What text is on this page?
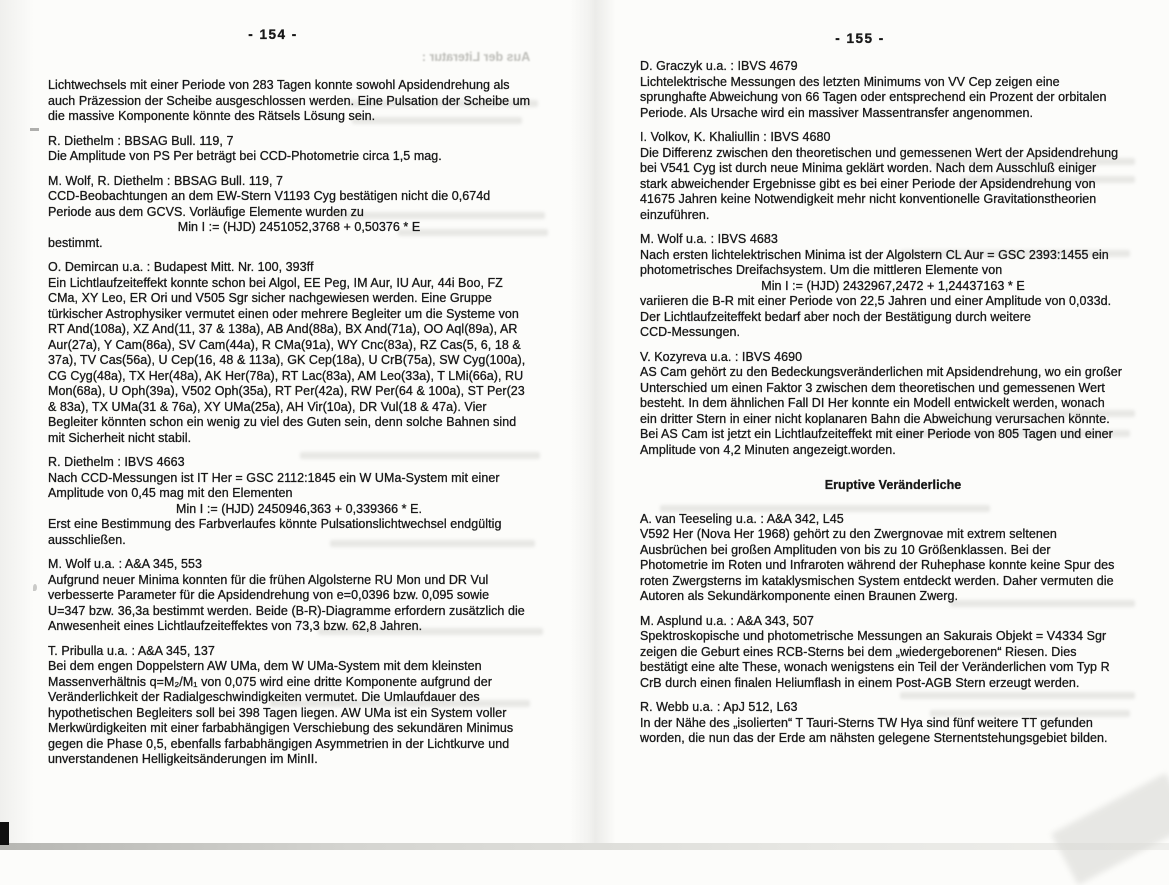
Aus der Literatur :
- 154 -
Lichtwechsels mit einer Periode von 283 Tagen konnte sowohl Apsidendrehung als
auch Präzession der Scheibe ausgeschlossen werden. Eine Pulsation der Scheibe um
die massive Komponente könnte des Rätsels Lösung sein.
R. Diethelm : BBSAG Bull. 119, 7
Die Amplitude von PS Per beträgt bei CCD-Photometrie circa 1,5 mag.
M. Wolf, R. Diethelm : BBSAG Bull. 119, 7
CCD-Beobachtungen an dem EW-Stern V1193 Cyg bestätigen nicht die 0,674d
Periode aus dem GCVS. Vorläufige Elemente wurden zu
Min I := (HJD) 2451052,3768 + 0,50376 * E
bestimmt.
O. Demircan u.a. : Budapest Mitt. Nr. 100, 393ff
Ein Lichtlaufzeiteffekt konnte schon bei Algol, EE Peg, IM Aur, IU Aur, 44i Boo, FZ
CMa, XY Leo, ER Ori und V505 Sgr sicher nachgewiesen werden. Eine Gruppe
türkischer Astrophysiker vermutet einen oder mehrere Begleiter um die Systeme von
RT And(108a), XZ And(11, 37 & 138a), AB And(88a), BX And(71a), OO Aql(89a), AR
Aur(27a), Y Cam(86a), SV Cam(44a), R CMa(91a), WY Cnc(83a), RZ Cas(5, 6, 18 &
37a), TV Cas(56a), U Cep(16, 48 & 113a), GK Cep(18a), U CrB(75a), SW Cyg(100a),
CG Cyg(48a), TX Her(48a), AK Her(78a), RT Lac(83a), AM Leo(33a), T LMi(66a), RU
Mon(68a), U Oph(39a), V502 Oph(35a), RT Per(42a), RW Per(64 & 100a), ST Per(23
& 83a), TX UMa(31 & 76a), XY UMa(25a), AH Vir(10a), DR Vul(18 & 47a). Vier
Begleiter könnten schon ein wenig zu viel des Guten sein, denn solche Bahnen sind
mit Sicherheit nicht stabil.
R. Diethelm : IBVS 4663
Nach CCD-Messungen ist IT Her = GSC 2112:1845 ein W UMa-System mit einer
Amplitude von 0,45 mag mit den Elementen
Min I := (HJD) 2450946,363 + 0,339366 * E.
Erst eine Bestimmung des Farbverlaufes könnte Pulsationslichtwechsel endgültig
ausschließen.
M. Wolf u.a. : A&A 345, 553
Aufgrund neuer Minima konnten für die frühen Algolsterne RU Mon und DR Vul
verbesserte Parameter für die Apsidendrehung von e=0,0396 bzw. 0,095 sowie
U=347 bzw. 36,3a bestimmt werden. Beide (B-R)-Diagramme erfordern zusätzlich die
Anwesenheit eines Lichtlaufzeiteffektes von 73,3 bzw. 62,8 Jahren.
T. Pribulla u.a. : A&A 345, 137
Bei dem engen Doppelstern AW UMa, dem W UMa-System mit dem kleinsten
Massenverhältnis q=M₂/M₁ von 0,075 wird eine dritte Komponente aufgrund der
Veränderlichkeit der Radialgeschwindigkeiten vermutet. Die Umlaufdauer des
hypothetischen Begleiters soll bei 398 Tagen liegen. AW UMa ist ein System voller
Merkwürdigkeiten mit einer farbabhängigen Verschiebung des sekundären Minimus
gegen die Phase 0,5, ebenfalls farbabhängigen Asymmetrien in der Lichtkurve und
unverstandenen Helligkeitsänderungen im MinII.
- 155 -
D. Graczyk u.a. : IBVS 4679
Lichtelektrische Messungen des letzten Minimums von VV Cep zeigen eine
sprunghafte Abweichung von 66 Tagen oder entsprechend ein Prozent der orbitalen
Periode. Als Ursache wird ein massiver Massentransfer angenommen.
I. Volkov, K. Khaliullin : IBVS 4680
Die Differenz zwischen den theoretischen und gemessenen Wert der Apsidendrehung
bei V541 Cyg ist durch neue Minima geklärt worden. Nach dem Ausschluß einiger
stark abweichender Ergebnisse gibt es bei einer Periode der Apsidendrehung von
41675 Jahren keine Notwendigkeit mehr nicht konventionelle Gravitationstheorien
einzuführen.
M. Wolf u.a. : IBVS 4683
Nach ersten lichtelektrischen Minima ist der Algolstern CL Aur = GSC 2393:1455 ein
photometrisches Dreifachsystem. Um die mittleren Elemente von
Min I := (HJD) 2432967,2472 + 1,24437163 * E
variieren die B-R mit einer Periode von 22,5 Jahren und einer Amplitude von 0,033d.
Der Lichtlaufzeiteffekt bedarf aber noch der Bestätigung durch weitere
CCD-Messungen.
V. Kozyreva u.a. : IBVS 4690
AS Cam gehört zu den Bedeckungsveränderlichen mit Apsidendrehung, wo ein großer
Unterschied um einen Faktor 3 zwischen dem theoretischen und gemessenen Wert
besteht. In dem ähnlichen Fall DI Her konnte ein Modell entwickelt werden, wonach
ein dritter Stern in einer nicht koplanaren Bahn die Abweichung verursachen könnte.
Bei AS Cam ist jetzt ein Lichtlaufzeiteffekt mit einer Periode von 805 Tagen und einer
Amplitude von 4,2 Minuten angezeigt.worden.
Eruptive Veränderliche
A. van Teeseling u.a. : A&A 342, L45
V592 Her (Nova Her 1968) gehört zu den Zwergnovae mit extrem seltenen
Ausbrüchen bei großen Amplituden von bis zu 10 Größenklassen. Bei der
Photometrie im Roten und Infraroten während der Ruhephase konnte keine Spur des
roten Zwergsterns im kataklysmischen System entdeckt werden. Daher vermuten die
Autoren als Sekundärkomponente einen Braunen Zwerg.
M. Asplund u.a. : A&A 343, 507
Spektroskopische und photometrische Messungen an Sakurais Objekt = V4334 Sgr
zeigen die Geburt eines RCB-Sterns bei dem „wiedergeborenen“ Riesen. Dies
bestätigt eine alte These, wonach wenigstens ein Teil der Veränderlichen vom Typ R
CrB durch einen finalen Heliumflash in einem Post-AGB Stern erzeugt werden.
R. Webb u.a. : ApJ 512, L63
In der Nähe des „isolierten“ T Tauri-Sterns TW Hya sind fünf weitere TT gefunden
worden, die nun das der Erde am nähsten gelegene Sternentstehungsgebiet bilden.
